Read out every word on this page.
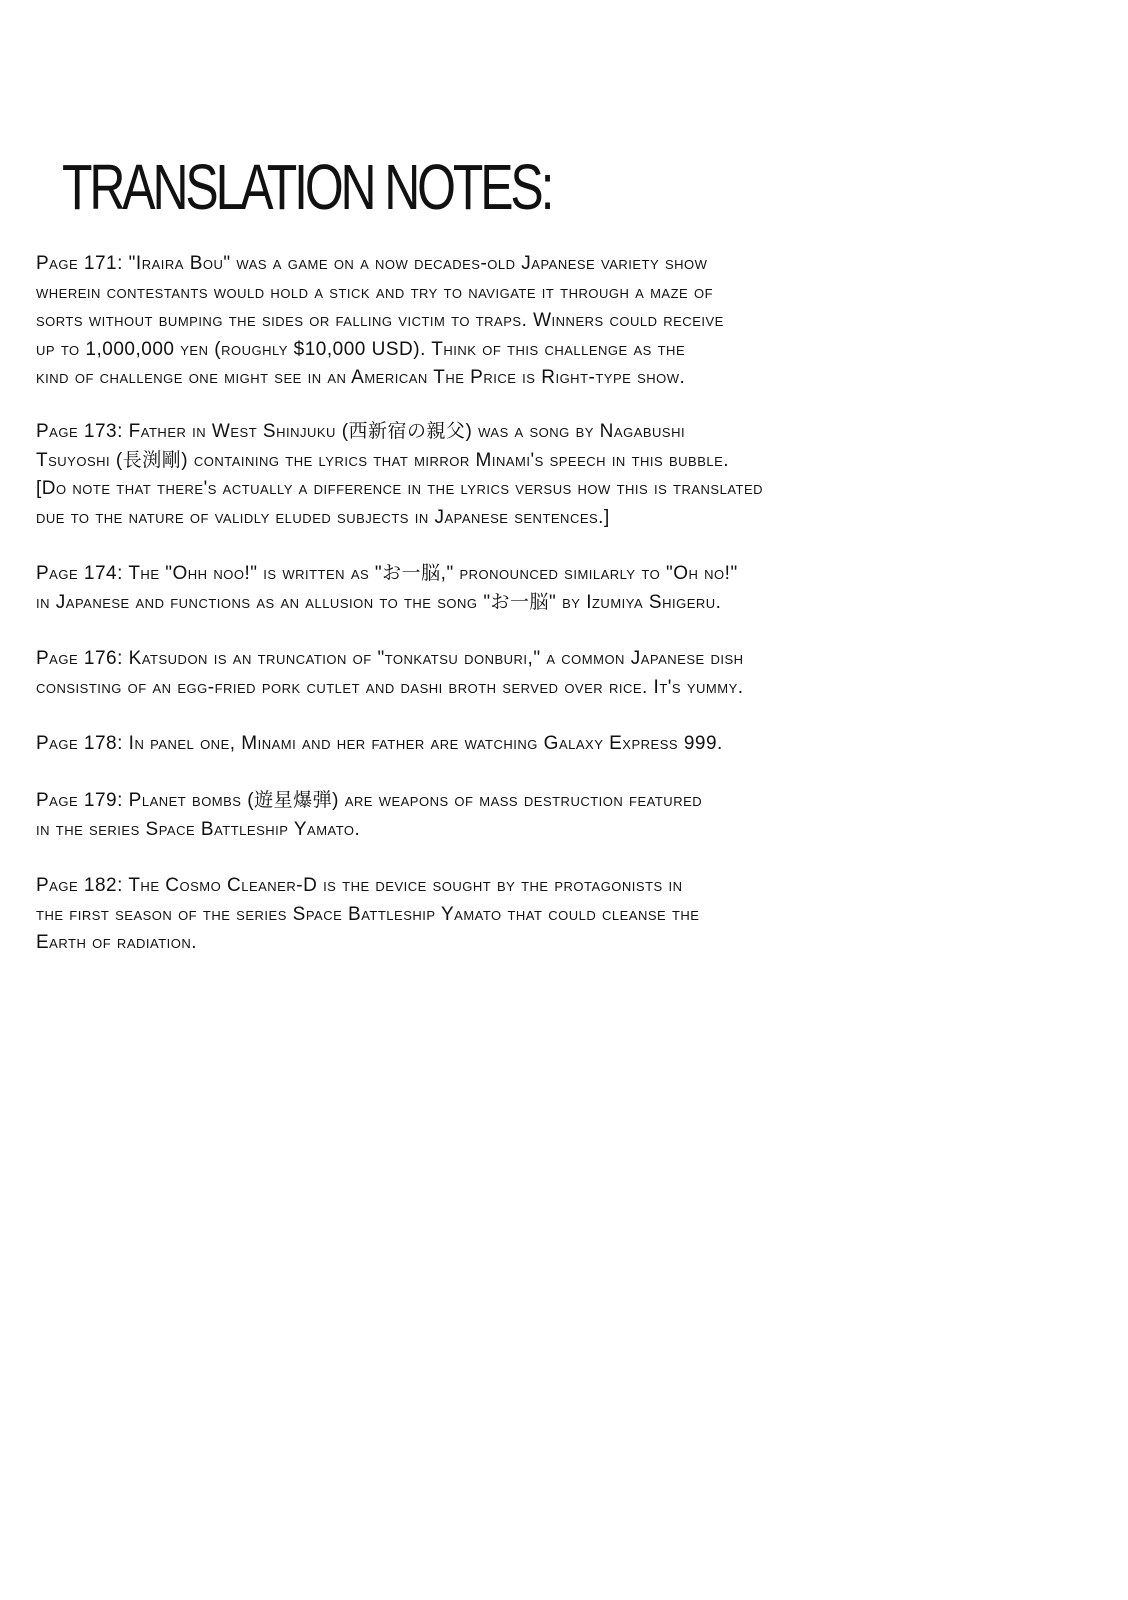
TRANSLATION NOTES:

Page 171: "Iraira Bou" was a game on a now decades-old Japanese variety show
wherein contestants would hold a stick and try to navigate it through a maze of
sorts without bumping the sides or falling victim to traps. Winners could receive
up to 1,000,000 yen (roughly $10,000 USD). Think of this challenge as the
kind of challenge one might see in an American The Price is Right-type show.

Page 173: Father in West Shinjuku (西新宿の親父) was a song by Nagabushi
Tsuyoshi (長渕剛) containing the lyrics that mirror Minami's speech in this bubble.
[Do note that there's actually a difference in the lyrics versus how this is translated
due to the nature of validly eluded subjects in Japanese sentences.]

Page 174: The "Ohh noo!" is written as "お一脳," pronounced similarly to "Oh no!"
in Japanese and functions as an allusion to the song "お一脳" by Izumiya Shigeru.

Page 176: Katsudon is an truncation of "tonkatsu donburi," a common Japanese dish
consisting of an egg-fried pork cutlet and dashi broth served over rice. It's yummy.

Page 178: In panel one, Minami and her father are watching Galaxy Express 999.

Page 179: Planet bombs (遊星爆弾) are weapons of mass destruction featured
in the series Space Battleship Yamato.

Page 182: The Cosmo Cleaner-D is the device sought by the protagonists in
the first season of the series Space Battleship Yamato that could cleanse the
Earth of radiation.
